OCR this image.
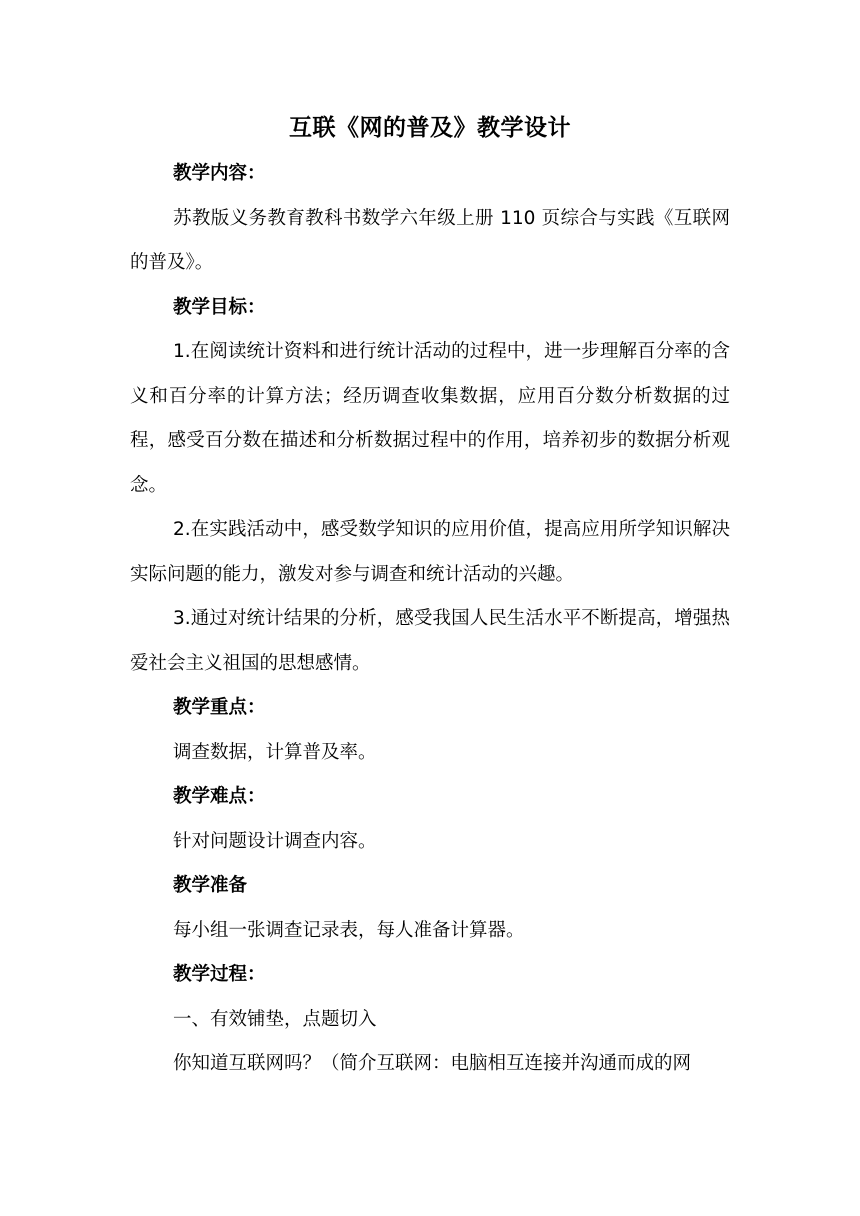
互联《网的普及》教学设计

教学内容：

苏教版义务教育教科书数学六年级上册 110 页综合与实践《互联网的普及》。

教学目标：

1.在阅读统计资料和进行统计活动的过程中，进一步理解百分率的含义和百分率的计算方法；经历调查收集数据，应用百分数分析数据的过程，感受百分数在描述和分析数据过程中的作用，培养初步的数据分析观念。

2.在实践活动中，感受数学知识的应用价值，提高应用所学知识解决实际问题的能力，激发对参与调查和统计活动的兴趣。

3.通过对统计结果的分析，感受我国人民生活水平不断提高，增强热爱社会主义祖国的思想感情。

教学重点：

调查数据，计算普及率。

教学难点：

针对问题设计调查内容。

教学准备

每小组一张调查记录表，每人准备计算器。

教学过程：

一、有效铺垫，点题切入

你知道互联网吗？（简介互联网：电脑相互连接并沟通而成的网
